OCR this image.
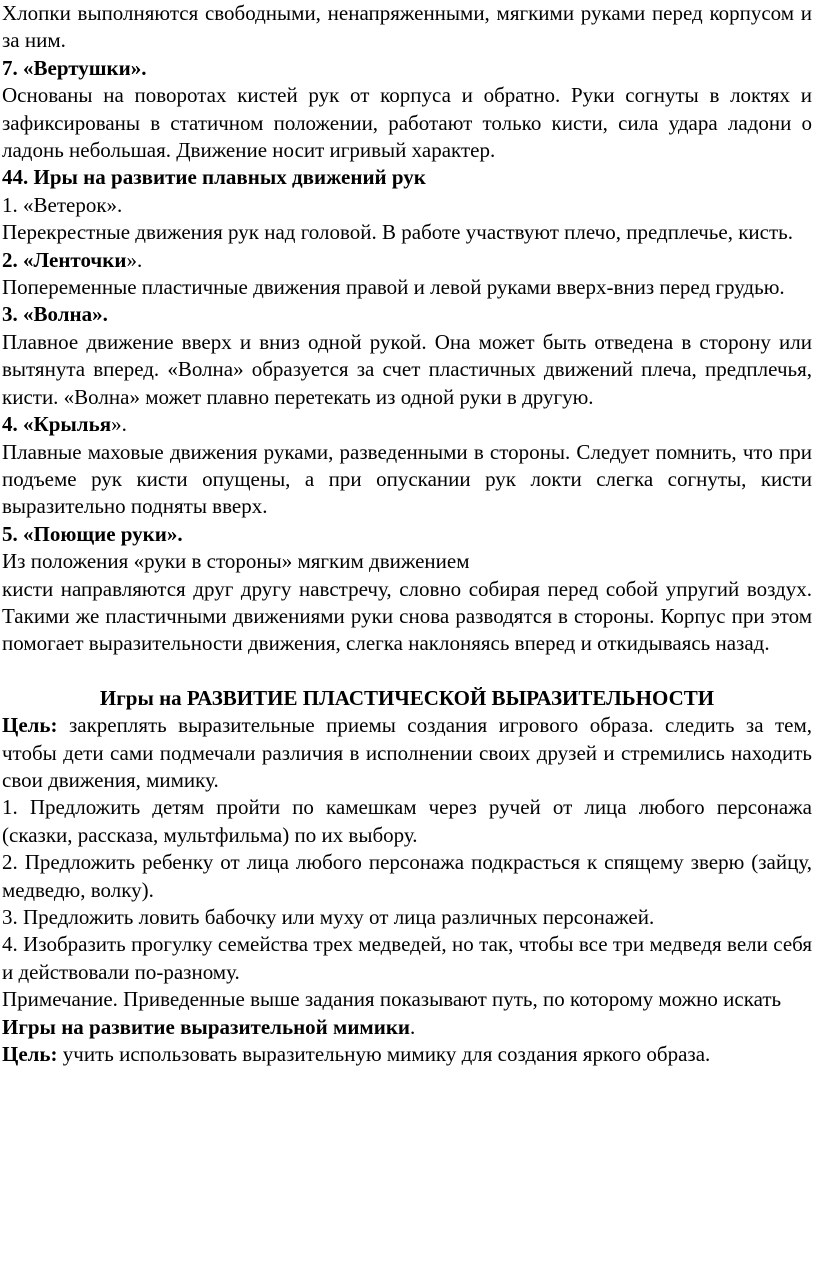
Хлопки выполняются свободными, ненапряженными, мягкими руками перед корпусом и за ним.

7. «Вертушки».

Основаны на поворотах кистей рук от корпуса и обратно. Руки согнуты в локтях и зафиксированы в статичном положении, работают только кисти, сила удара ладони о ладонь небольшая. Движение носит игривый характер.

44. Иры на развитие плавных движений рук

1. «Ветерок».

Перекрестные движения рук над головой. В работе участвуют плечо, предплечье, кисть.

2. «Ленточки».

Попеременные пластичные движения правой и левой руками вверх-вниз перед грудью.

3. «Волна».

Плавное движение вверх и вниз одной рукой. Она может быть отведена в сторону или вытянута вперед. «Волна» образуется за счет пластичных движений плеча, предплечья, кисти. «Волна» может плавно перетекать из одной руки в другую.

4. «Крылья».

Плавные маховые движения руками, разведенными в стороны. Следует помнить, что при подъеме рук кисти опущены, а при опускании рук локти слегка согнуты, кисти выразительно подняты вверх.

5. «Поющие руки».

Из положения «руки в стороны» мягким движением

кисти направляются друг другу навстречу, словно собирая перед собой упругий воздух. Такими же пластичными движениями руки снова разводятся в стороны. Корпус при этом помогает выразительности движения, слегка наклоняясь вперед и откидываясь назад.

Игры на РАЗВИТИЕ ПЛАСТИЧЕСКОЙ ВЫРАЗИТЕЛЬНОСТИ

Цель: закреплять выразительные приемы создания игрового образа. следить за тем, чтобы дети сами подмечали различия в исполнении своих друзей и стремились находить свои движения, мимику.

1. Предложить детям пройти по камешкам через ручей от лица любого персонажа (сказки, рассказа, мультфильма) по их выбору.

2. Предложить ребенку от лица любого персонажа подкрасться к спящему зверю (зайцу, медведю, волку).

3. Предложить ловить бабочку или муху от лица различных персонажей.

4. Изобразить прогулку семейства трех медведей, но так, чтобы все три медведя вели себя и действовали по-разному.

Примечание. Приведенные выше задания показывают путь, по которому можно искать

Игры на развитие выразительной мимики.

Цель: учить использовать выразительную мимику для создания яркого образа.
